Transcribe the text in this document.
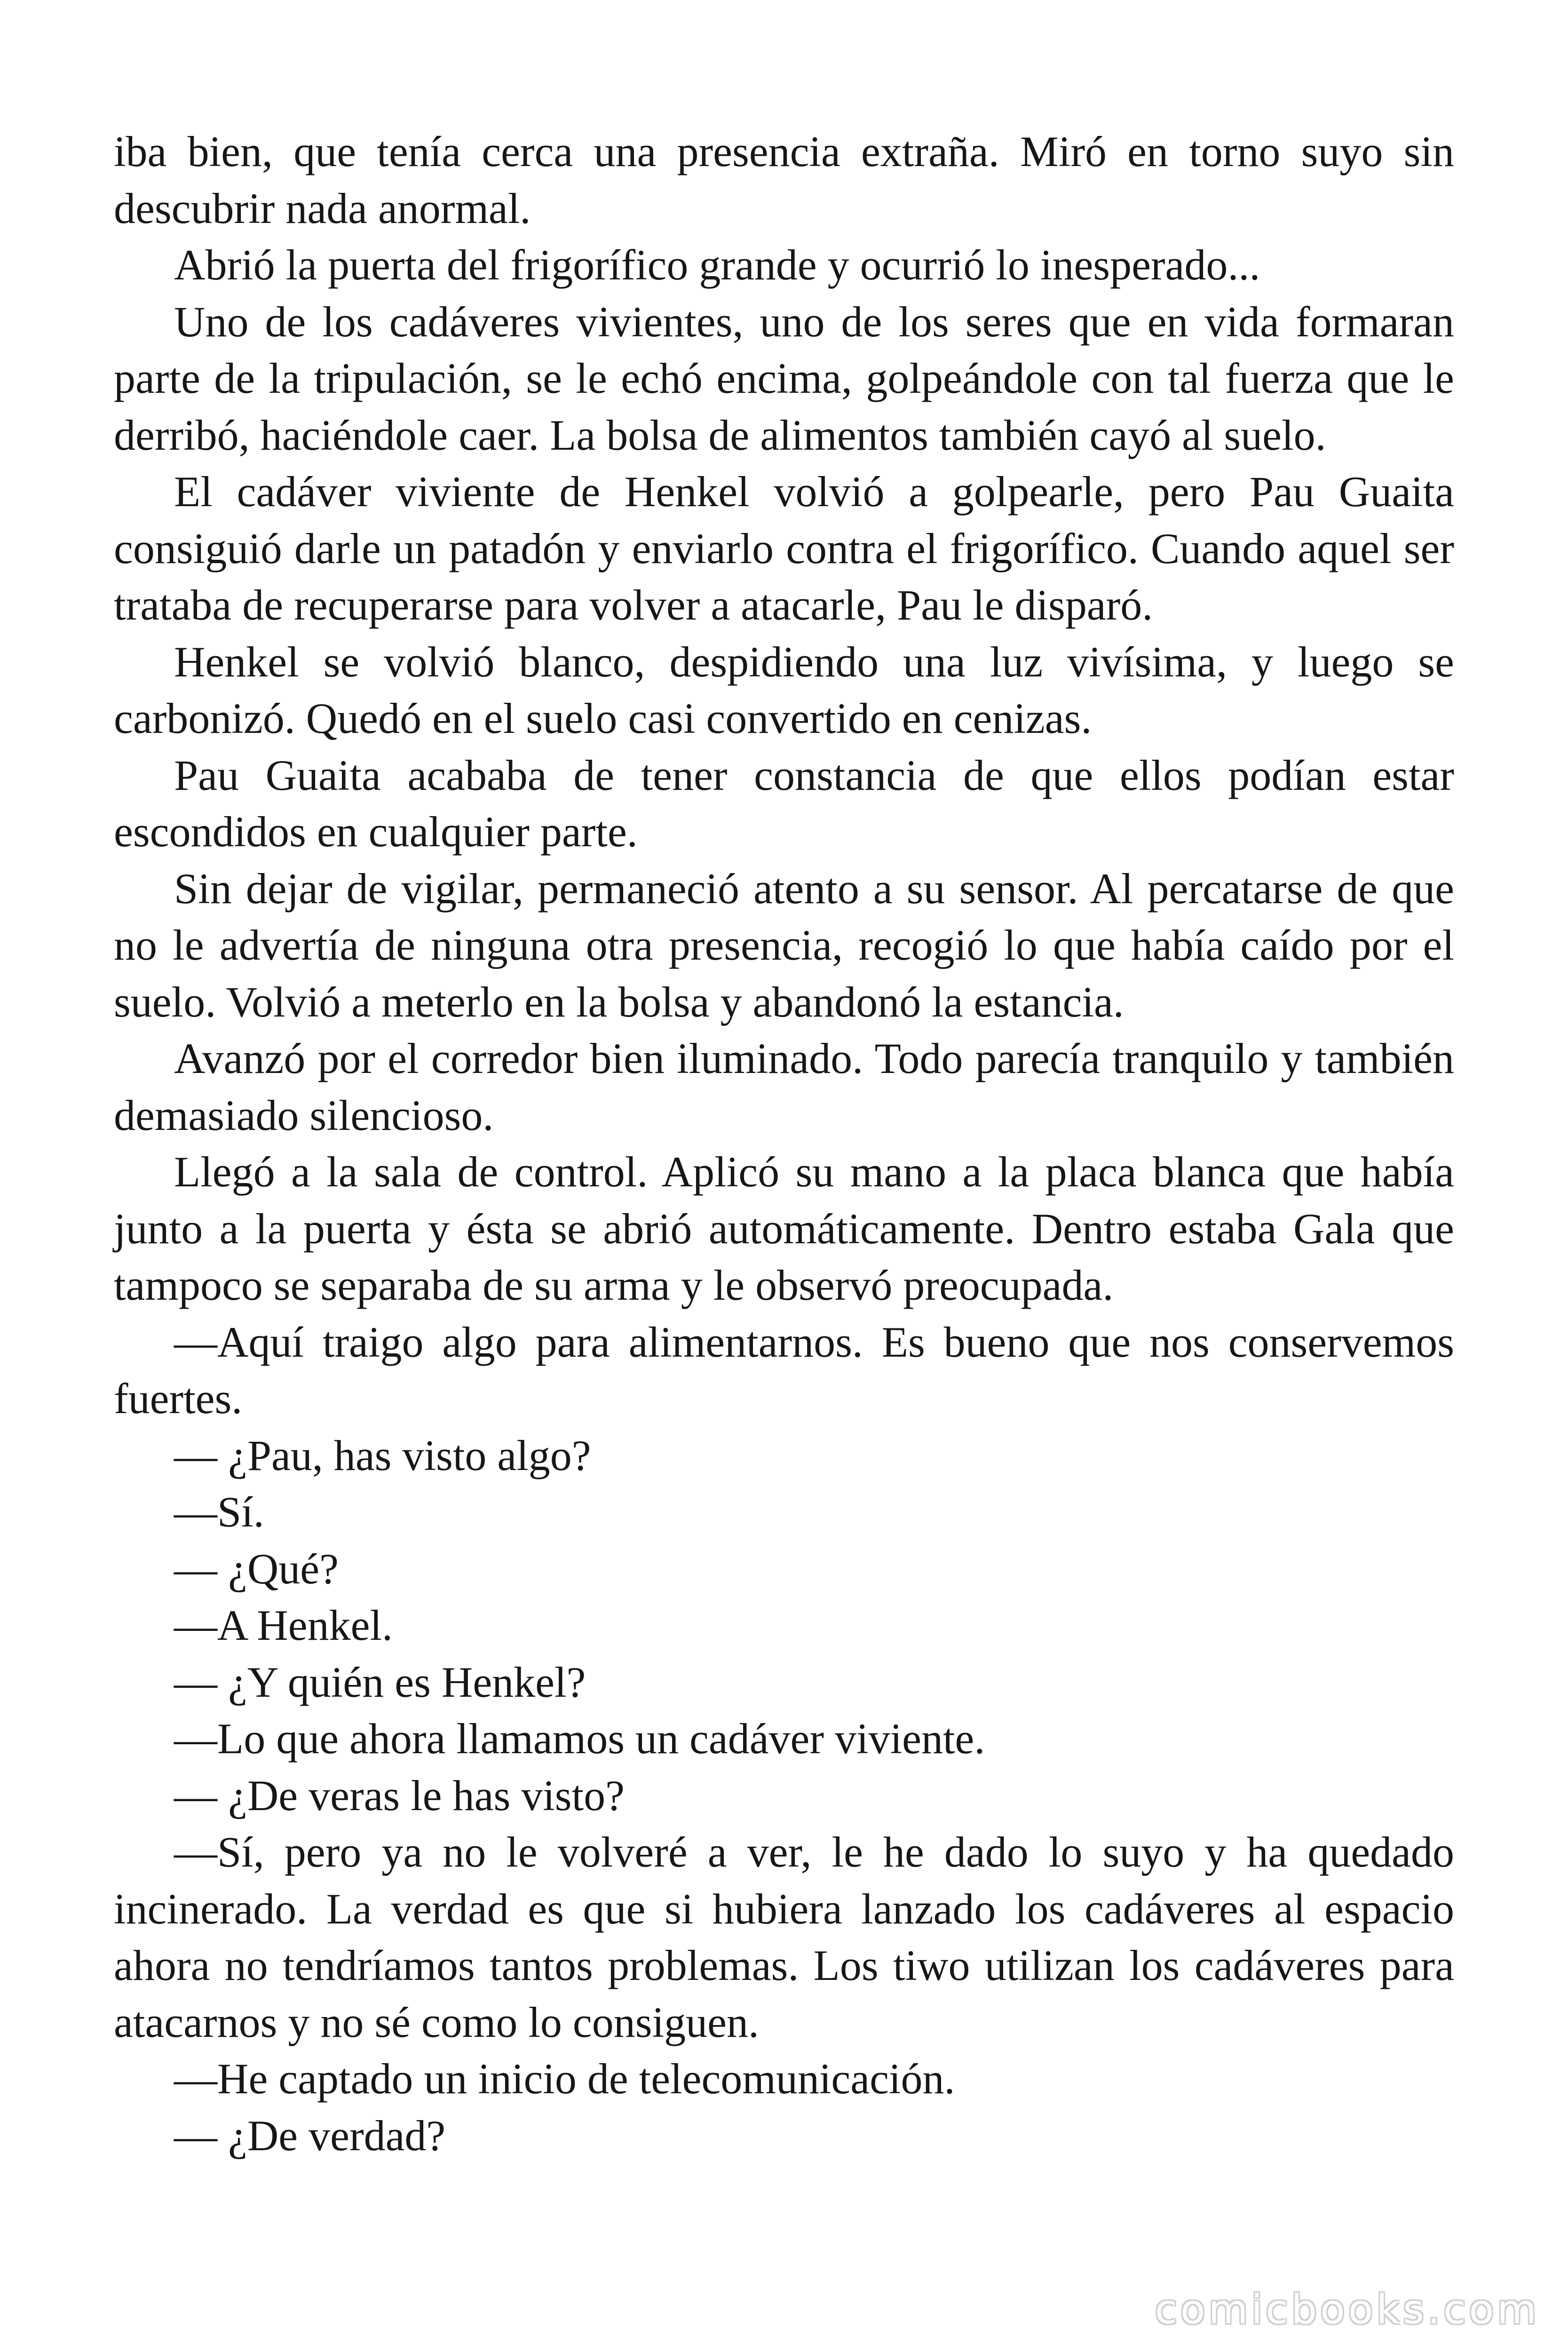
iba bien, que tenía cerca una presencia extraña. Miró en torno suyo sin descubrir nada anormal.

Abrió la puerta del frigorífico grande y ocurrió lo inesperado...

Uno de los cadáveres vivientes, uno de los seres que en vida formaran parte de la tripulación, se le echó encima, golpeándole con tal fuerza que le derribó, haciéndole caer. La bolsa de alimentos también cayó al suelo.

El cadáver viviente de Henkel volvió a golpearle, pero Pau Guaita consiguió darle un patadón y enviarlo contra el frigorífico. Cuando aquel ser trataba de recuperarse para volver a atacarle, Pau le disparó.

Henkel se volvió blanco, despidiendo una luz vivísima, y luego se carbonizó. Quedó en el suelo casi convertido en cenizas.

Pau Guaita acababa de tener constancia de que ellos podían estar escondidos en cualquier parte.

Sin dejar de vigilar, permaneció atento a su sensor. Al percatarse de que no le advertía de ninguna otra presencia, recogió lo que había caído por el suelo. Volvió a meterlo en la bolsa y abandonó la estancia.

Avanzó por el corredor bien iluminado. Todo parecía tranquilo y también demasiado silencioso.

Llegó a la sala de control. Aplicó su mano a la placa blanca que había junto a la puerta y ésta se abrió automáticamente. Dentro estaba Gala que tampoco se separaba de su arma y le observó preocupada.

—Aquí traigo algo para alimentarnos. Es bueno que nos conservemos fuertes.

— ¿Pau, has visto algo?

—Sí.

— ¿Qué?

—A Henkel.

— ¿Y quién es Henkel?

—Lo que ahora llamamos un cadáver viviente.

— ¿De veras le has visto?

—Sí, pero ya no le volveré a ver, le he dado lo suyo y ha quedado incinerado. La verdad es que si hubiera lanzado los cadáveres al espacio ahora no tendríamos tantos problemas. Los tiwo utilizan los cadáveres para atacarnos y no sé como lo consiguen.

—He captado un inicio de telecomunicación.

— ¿De verdad?

comicbooks.com
